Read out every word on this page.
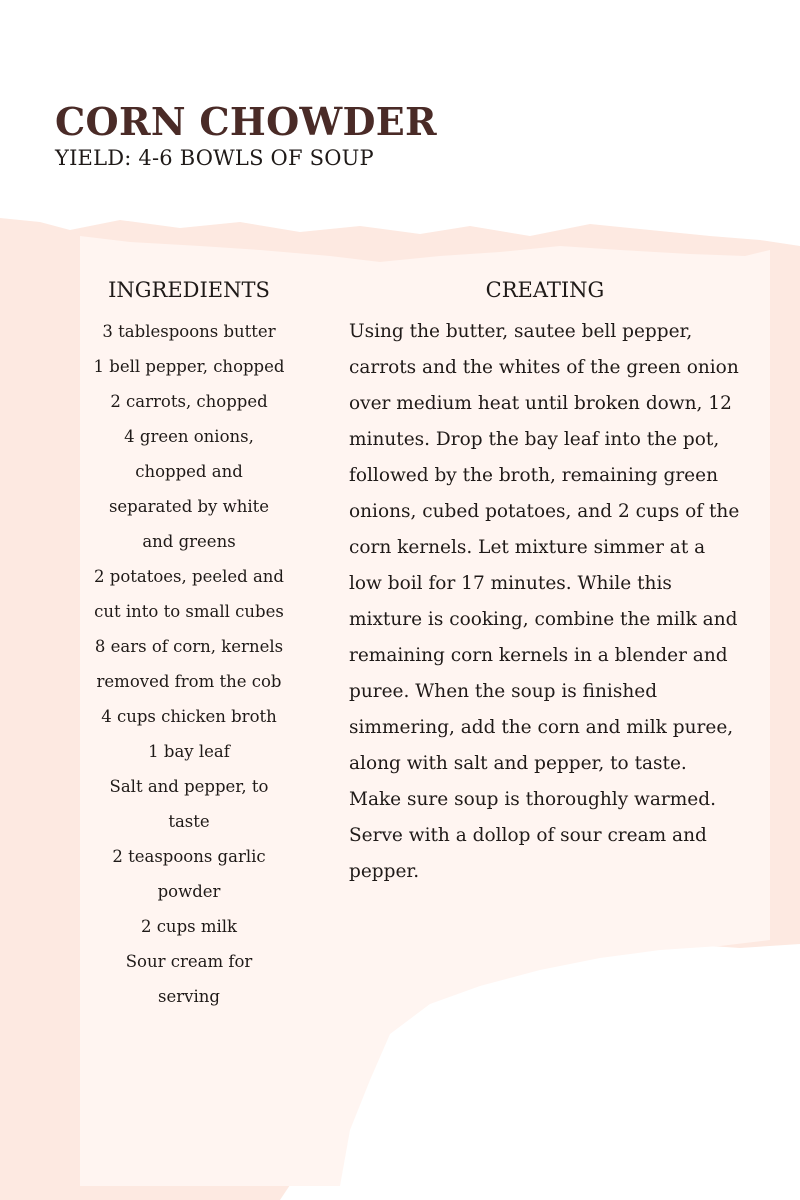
CORN CHOWDER
YIELD: 4-6 BOWLS OF SOUP
INGREDIENTS
3 tablespoons butter
1 bell pepper, chopped
2 carrots, chopped
4 green onions,
chopped and
separated by white
and greens
2 potatoes, peeled and
cut into to small cubes
8 ears of corn, kernels
removed from the cob
4 cups chicken broth
1 bay leaf
Salt and pepper, to
taste
2 teaspoons garlic
powder
2 cups milk
Sour cream for
serving
CREATING

Using the butter, sautee bell pepper, carrots and the whites of the green onion over medium heat until broken down, 12 minutes. Drop the bay leaf into the pot, followed by the broth, remaining green onions, cubed potatoes, and 2 cups of the corn kernels. Let mixture simmer at a low boil for 17 minutes. While this mixture is cooking, combine the milk and remaining corn kernels in a blender and puree. When the soup is finished simmering, add the corn and milk puree, along with salt and pepper, to taste. Make sure soup is thoroughly warmed. Serve with a dollop of sour cream and pepper.
